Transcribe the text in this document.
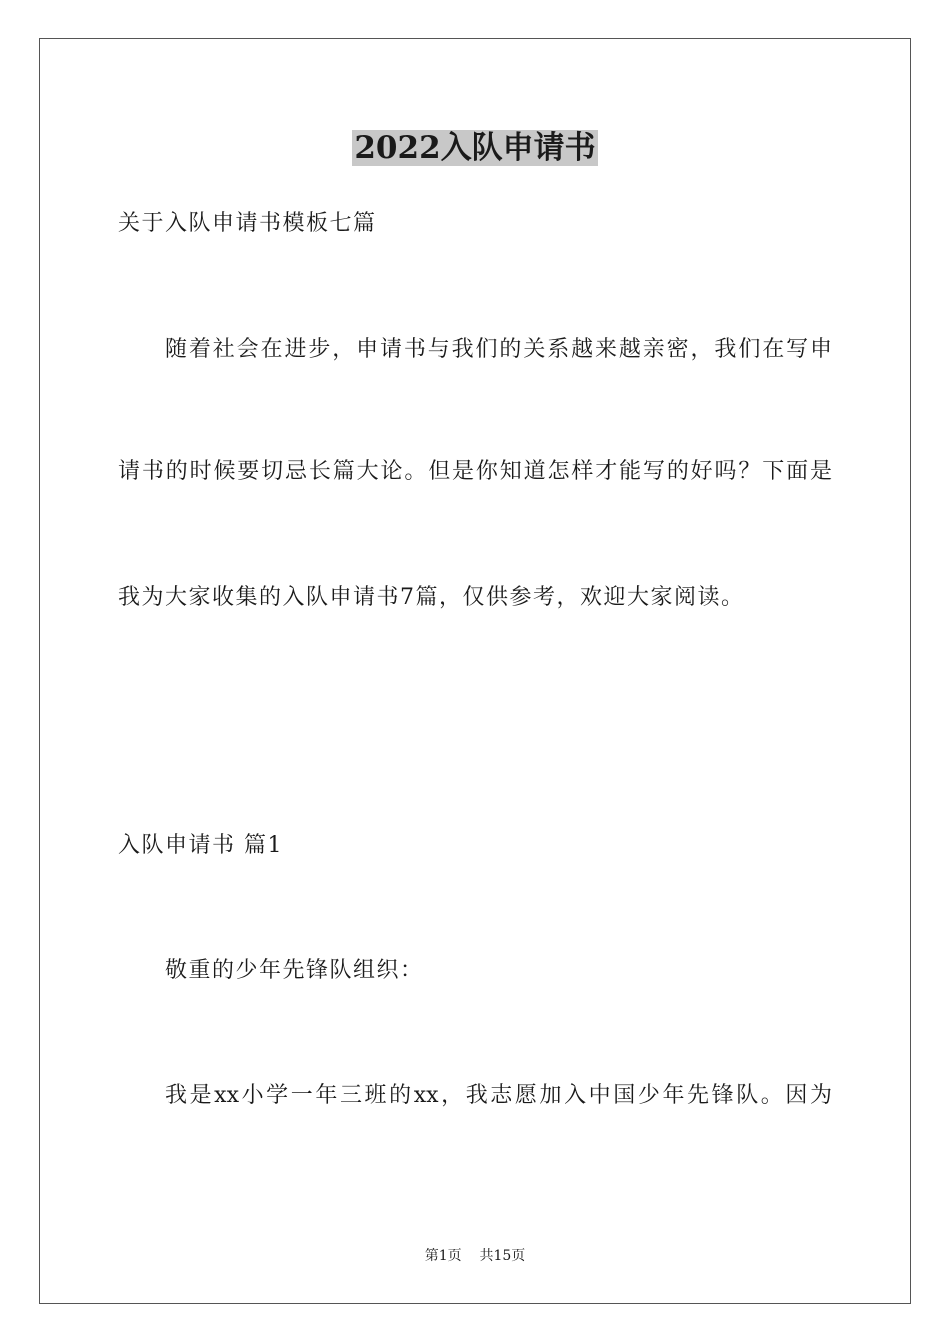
2022入队申请书
关于入队申请书模板七篇
随着社会在进步，申请书与我们的关系越来越亲密，我们在写申
请书的时候要切忌长篇大论。但是你知道怎样才能写的好吗？下面是
我为大家收集的入队申请书7篇，仅供参考，欢迎大家阅读。
入队申请书 篇1
敬重的少年先锋队组织：
我是xx小学一年三班的xx，我志愿加入中国少年先锋队。因为
第1页    共15页
